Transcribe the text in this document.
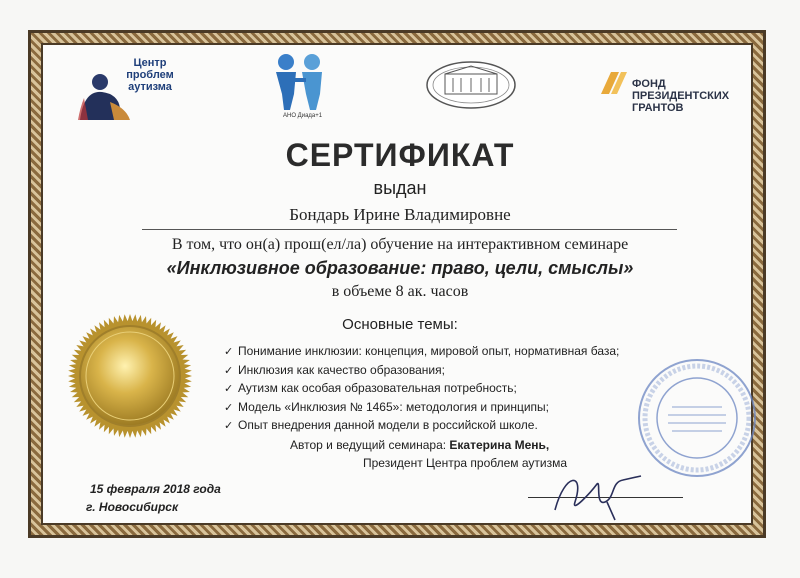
Центр
проблем
аутизма
АНО Диада+1
ФОНД
ПРЕЗИДЕНТСКИХ
ГРАНТОВ
СЕРТИФИКАТ
выдан
Бондарь Ирине Владимировне
В том, что он(а) прош(ел/ла) обучение на интерактивном семинаре
«Инклюзивное образование: право, цели, смыслы»
в объеме 8 ак. часов
Основные темы:
✓ Понимание инклюзии: концепция, мировой опыт, нормативная база;
✓ Инклюзия как качество образования;
✓ Аутизм как особая образовательная потребность;
✓ Модель «Инклюзия № 1465»: методология и принципы;
✓ Опыт внедрения данной модели в российской школе.
Автор и ведущий семинара: Екатерина Мень,
Президент Центра проблем аутизма
15 февраля 2018 года
г. Новосибирск
